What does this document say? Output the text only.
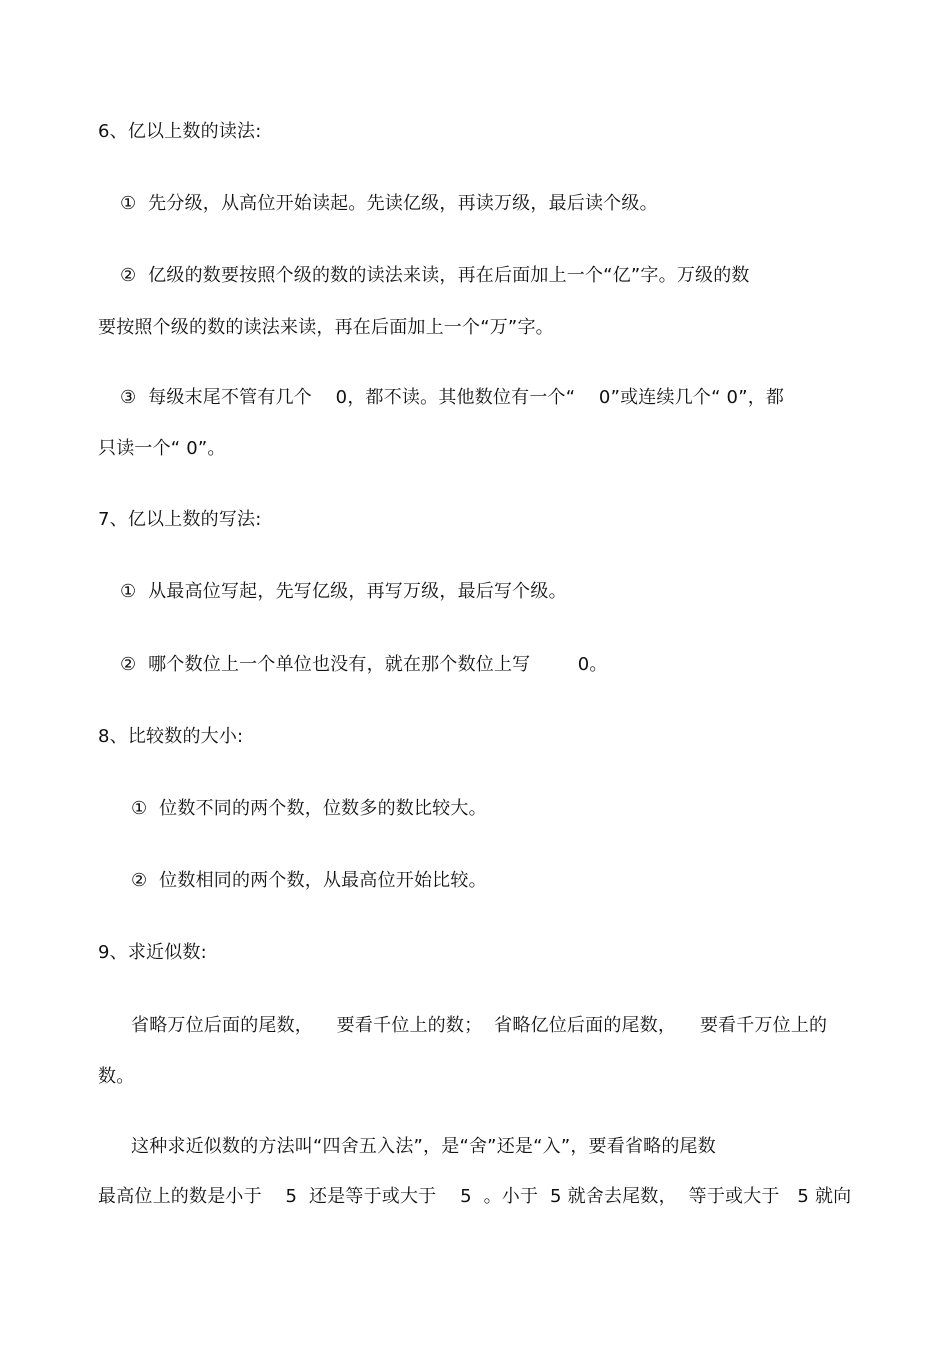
6、亿以上数的读法:
①  先分级，从高位开始读起。先读亿级，再读万级，最后读个级。
②  亿级的数要按照个级的数的读法来读，再在后面加上一个“亿”字。万级的数
要按照个级的数的读法来读，再在后面加上一个“万”字。
③  每级末尾不管有几个    0，都不读。其他数位有一个“    0”或连续几个“ 0”，都
只读一个“ 0”。
7、亿以上数的写法:
①  从最高位写起，先写亿级，再写万级，最后写个级。
②  哪个数位上一个单位也没有，就在那个数位上写        0。
8、比较数的大小:
①  位数不同的两个数，位数多的数比较大。
②  位数相同的两个数，从最高位开始比较。
9、求近似数:
省略万位后面的尾数，    要看千位上的数；  省略亿位后面的尾数，    要看千万位上的
数。
这种求近似数的方法叫“四舍五入法”，是“舍”还是“入”，要看省略的尾数
最高位上的数是小于    5  还是等于或大于    5  。小于  5 就舍去尾数，  等于或大于   5 就向
